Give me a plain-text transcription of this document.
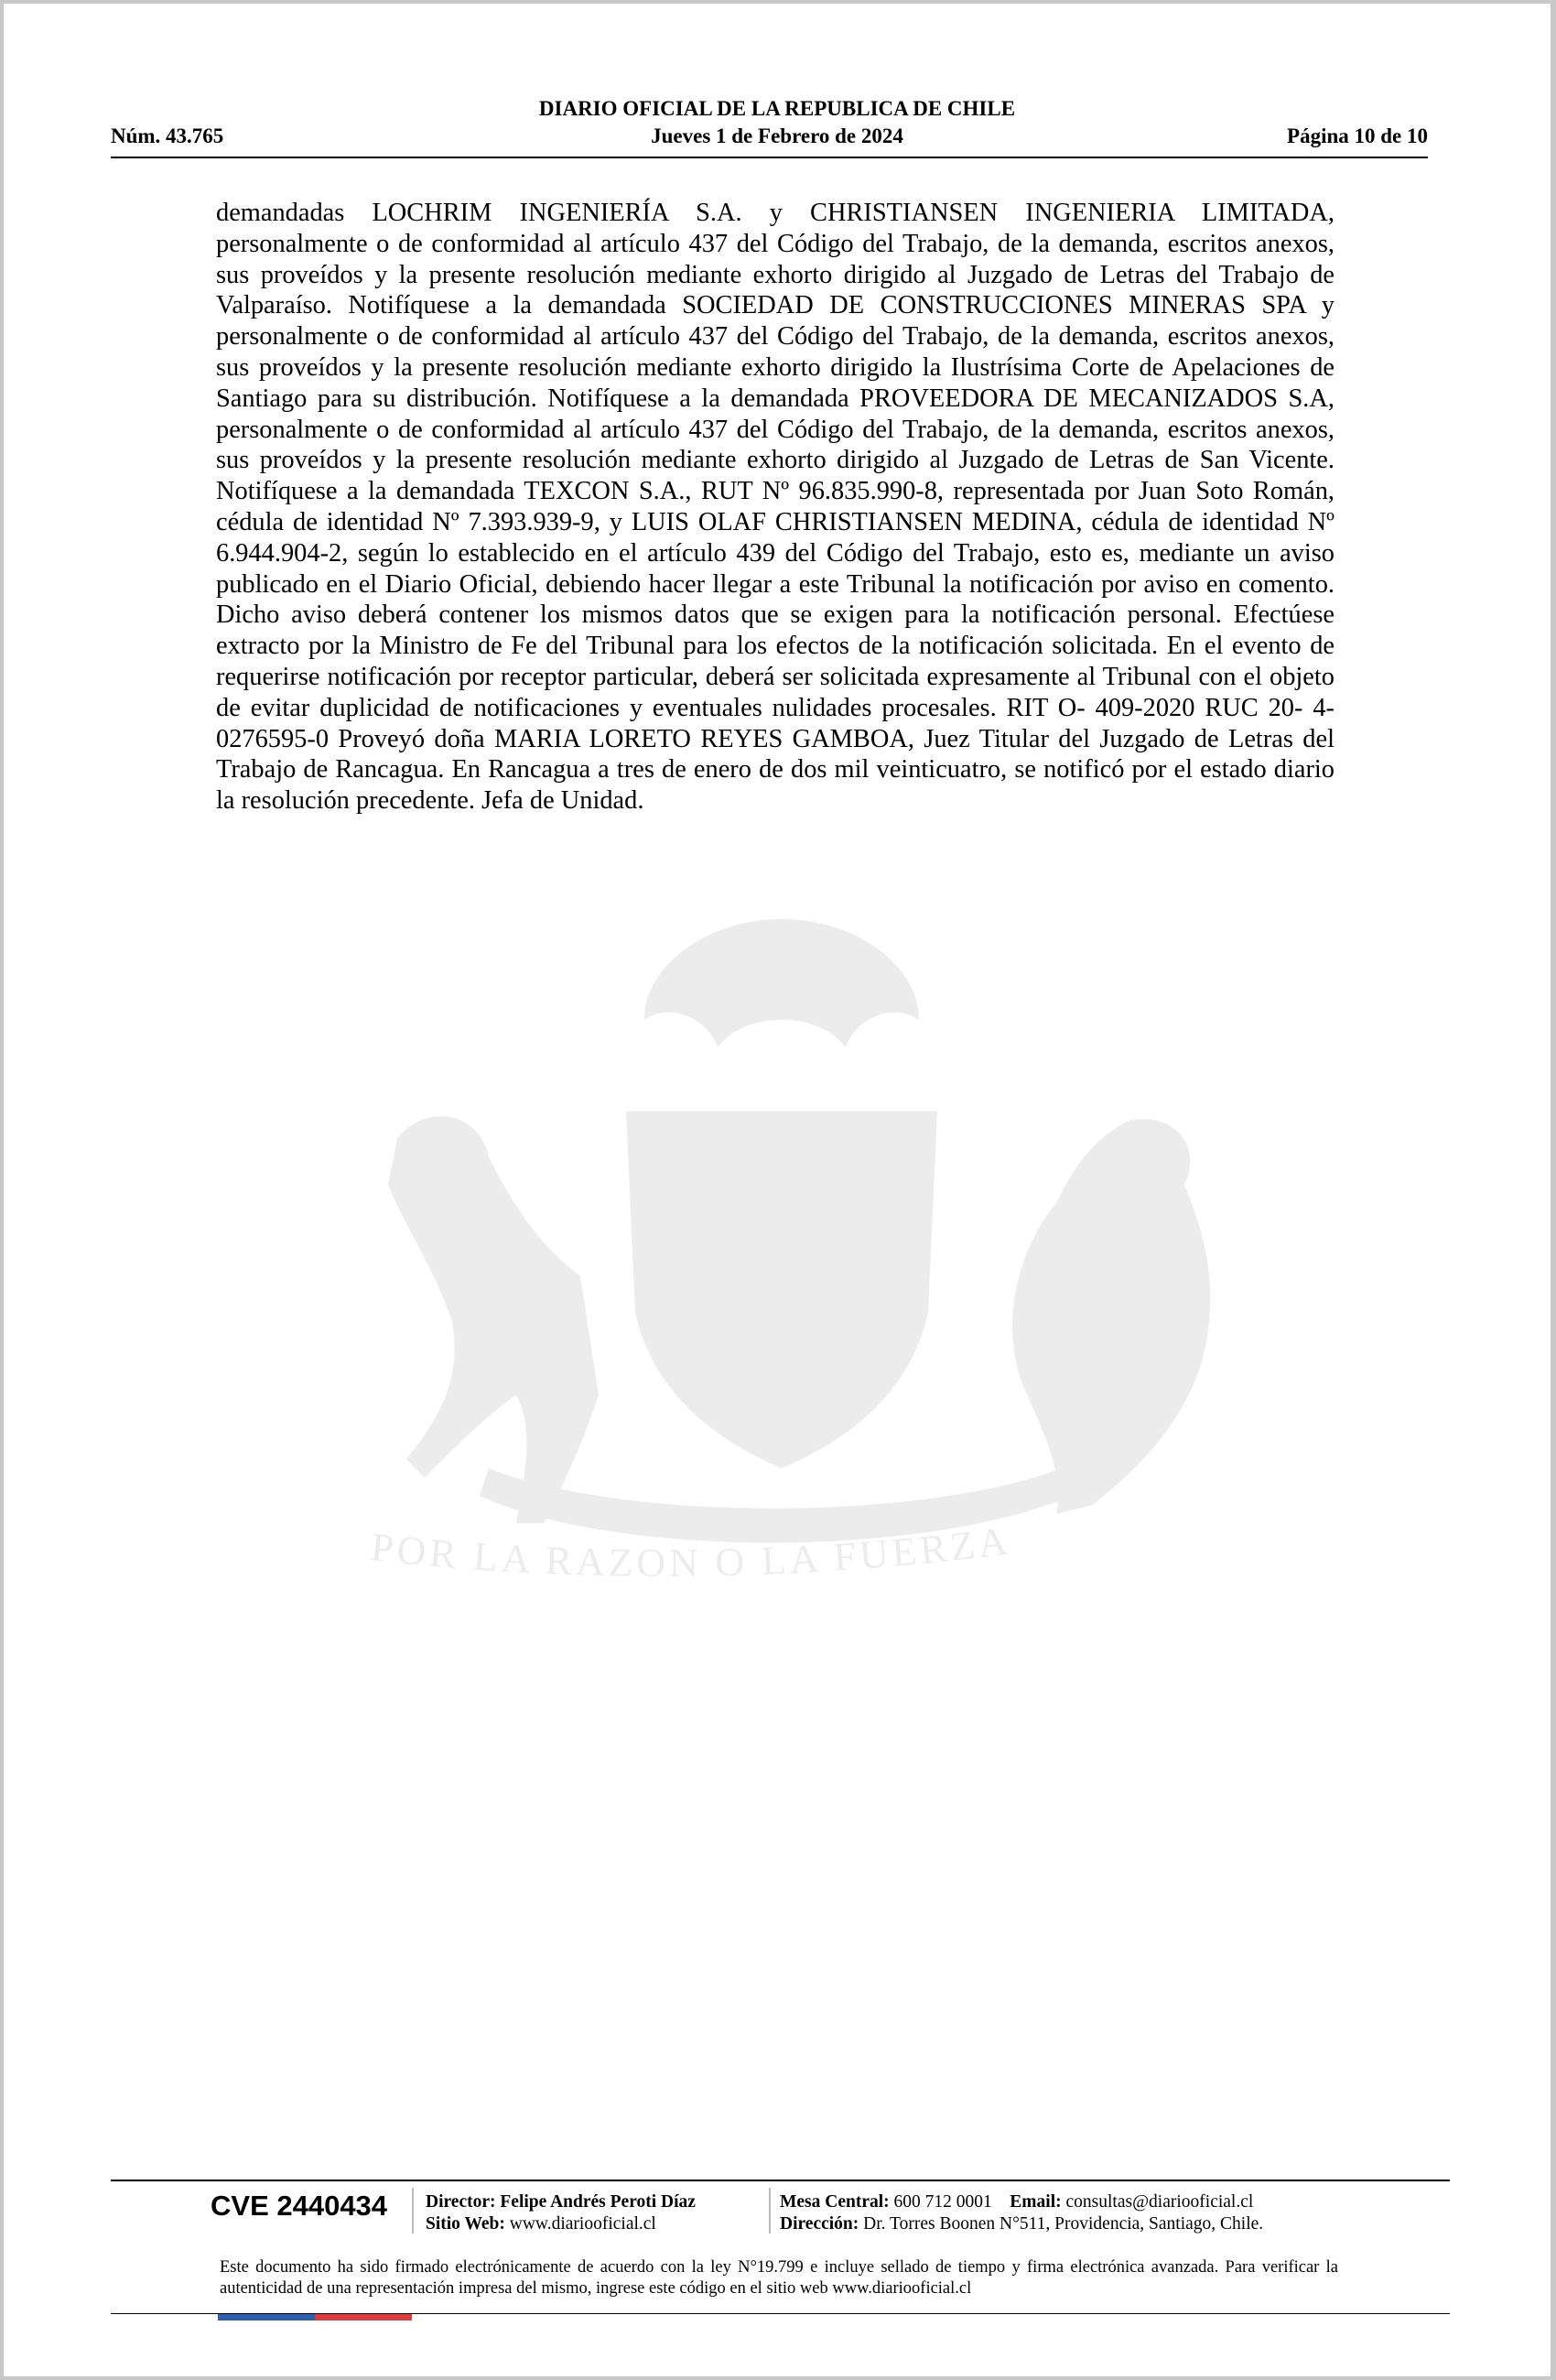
DIARIO OFICIAL DE LA REPUBLICA DE CHILE
Núm. 43.765	Jueves 1 de Febrero de 2024	Página 10 de 10
POR LA RAZON O LA FUERZA

demandadas LOCHRIM INGENIERÍA S.A. y CHRISTIANSEN INGENIERIA LIMITADA, personalmente o de conformidad al artículo 437 del Código del Trabajo, de la demanda, escritos anexos, sus proveídos y la presente resolución mediante exhorto dirigido al Juzgado de Letras del Trabajo de Valparaíso. Notifíquese a la demandada SOCIEDAD DE CONSTRUCCIONES MINERAS SPA y personalmente o de conformidad al artículo 437 del Código del Trabajo, de la demanda, escritos anexos, sus proveídos y la presente resolución mediante exhorto dirigido la Ilustrísima Corte de Apelaciones de Santiago para su distribución. Notifíquese a la demandada PROVEEDORA DE MECANIZADOS S.A, personalmente o de conformidad al artículo 437 del Código del Trabajo, de la demanda, escritos anexos, sus proveídos y la presente resolución mediante exhorto dirigido al Juzgado de Letras de San Vicente. Notifíquese a la demandada TEXCON S.A., RUT Nº 96.835.990-8, representada por Juan Soto Román, cédula de identidad Nº 7.393.939-9, y LUIS OLAF CHRISTIANSEN MEDINA, cédula de identidad Nº 6.944.904-2, según lo establecido en el artículo 439 del Código del Trabajo, esto es, mediante un aviso publicado en el Diario Oficial, debiendo hacer llegar a este Tribunal la notificación por aviso en comento. Dicho aviso deberá contener los mismos datos que se exigen para la notificación personal. Efectúese extracto por la Ministro de Fe del Tribunal para los efectos de la notificación solicitada. En el evento de requerirse notificación por receptor particular, deberá ser solicitada expresamente al Tribunal con el objeto de evitar duplicidad de notificaciones y eventuales nulidades procesales. RIT O- 409-2020 RUC 20- 4-0276595-0 Proveyó doña MARIA LORETO REYES GAMBOA, Juez Titular del Juzgado de Letras del Trabajo de Rancagua. En Rancagua a tres de enero de dos mil veinticuatro, se notificó por el estado diario la resolución precedente. Jefa de Unidad.

CVE 2440434 Director: Felipe Andrés Peroti Díaz
Sitio Web: www.diariooficial.cl
Mesa Central: 600 712 0001 Email: consultas@diariooficial.cl
Dirección: Dr. Torres Boonen N°511, Providencia, Santiago, Chile.
Este documento ha sido firmado electrónicamente de acuerdo con la ley N°19.799 e incluye sellado de tiempo y firma electrónica avanzada. Para verificar la autenticidad de una representación impresa del mismo, ingrese este código en el sitio web www.diariooficial.cl
